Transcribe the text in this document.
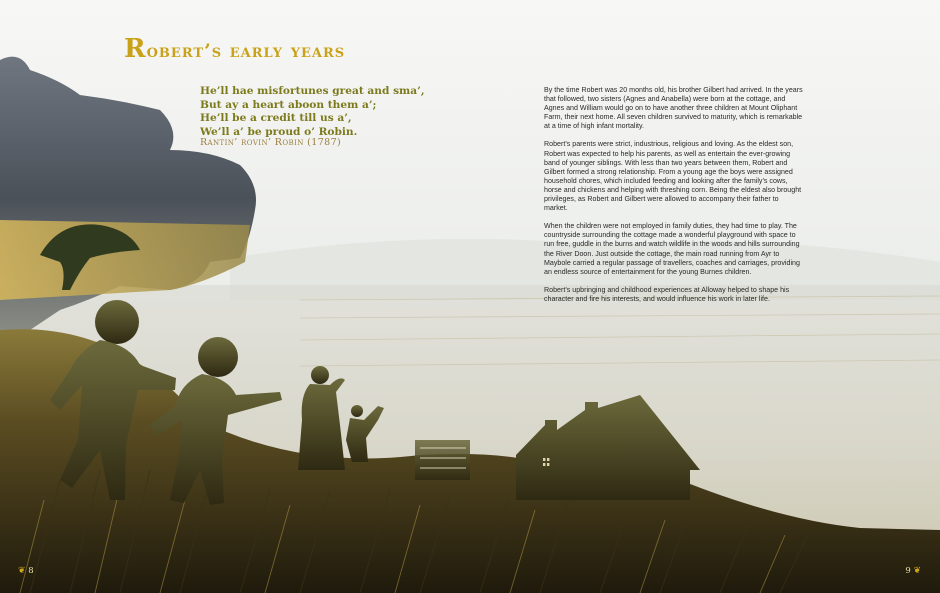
Robert’s early years
He’ll hae misfortunes great and sma’,
But ay a heart aboon them a’;
He’ll be a credit till us a’,
We’ll a’ be proud o’ Robin.
Rantin’ rovin’ Robin (1787)

By the time Robert was 20 months old, his brother Gilbert had arrived. In the years that followed, two sisters (Agnes and Anabella) were born at the cottage, and Agnes and William would go on to have another three children at Mount Oliphant Farm, their next home. All seven children survived to maturity, which is remarkable at a time of high infant mortality.

Robert’s parents were strict, industrious, religious and loving. As the eldest son, Robert was expected to help his parents, as well as entertain the ever-growing band of younger siblings. With less than two years between them, Robert and Gilbert formed a strong relationship. From a young age the boys were assigned household chores, which included feeding and looking after the family’s cows, horse and chickens and helping with threshing corn. Being the eldest also brought privileges, as Robert and Gilbert were allowed to accompany their father to market.

When the children were not employed in family duties, they had time to play. The countryside surrounding the cottage made a wonderful playground with space to run free, guddle in the burns and watch wildlife in the woods and hills surrounding the River Doon. Just outside the cottage, the main road running from Ayr to Maybole carried a regular passage of travellers, coaches and carriages, providing an endless source of entertainment for the young Burnes children.

Robert’s upbringing and childhood experiences at Alloway helped to shape his character and fire his interests, and would influence his work in later life.

❦ 8	9 ❦
